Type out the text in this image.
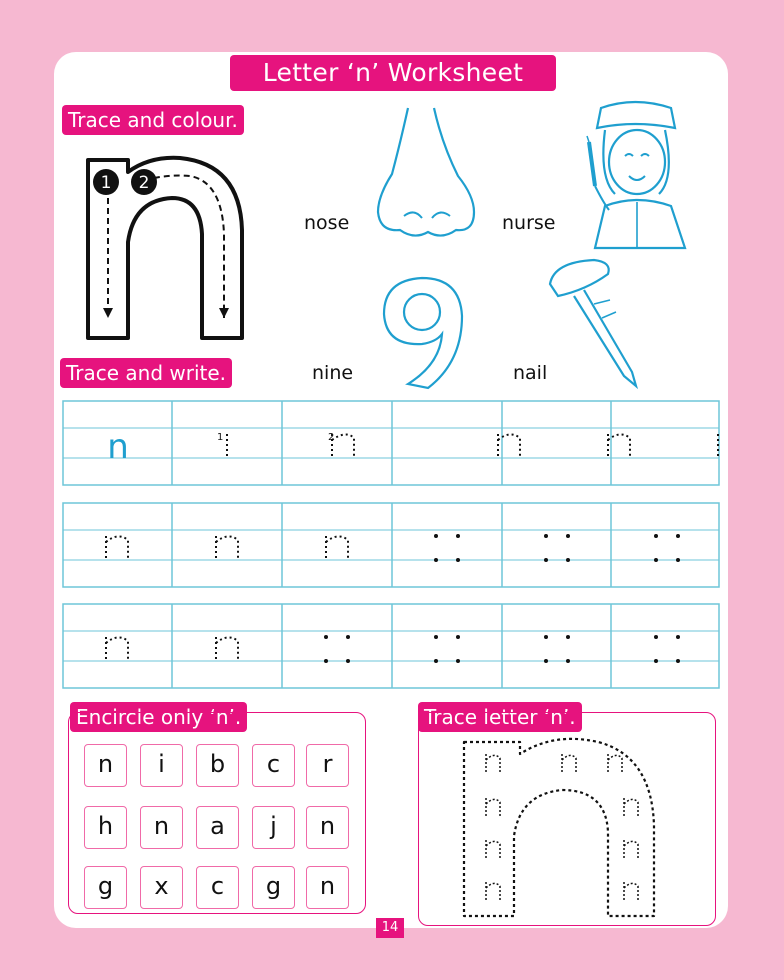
Letter ‘n’ Worksheet
Trace and colour.
Trace and write.
Encircle only ‘n’.	Trace letter ‘n’.
1 2
nose	nurse
nine	nail
n	1	2
n	i	b	c	r
h	n	a	j	n
g	x	c	g	n
14
